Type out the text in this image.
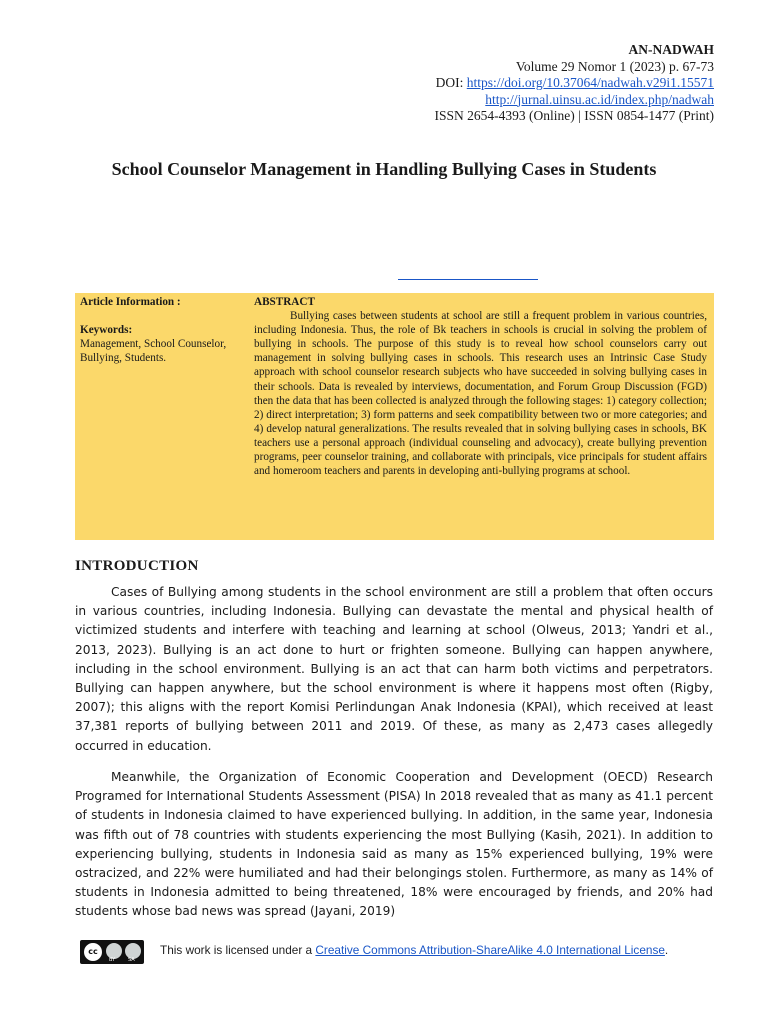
AN-NADWAH
Volume 29 Nomor 1 (2023) p. 67-73
DOI: https://doi.org/10.37064/nadwah.v29i1.15571
http://jurnal.uinsu.ac.id/index.php/nadwah
ISSN 2654-4393 (Online) | ISSN 0854-1477 (Print)
School Counselor Management in Handling Bullying Cases in Students
Article Information :
Keywords:
Management, School Counselor, Bullying, Students.
ABSTRACT

Bullying cases between students at school are still a frequent problem in various countries, including Indonesia. Thus, the role of Bk teachers in schools is crucial in solving the problem of bullying in schools. The purpose of this study is to reveal how school counselors carry out management in solving bullying cases in schools. This research uses an Intrinsic Case Study approach with school counselor research subjects who have succeeded in solving bullying cases in their schools. Data is revealed by interviews, documentation, and Forum Group Discussion (FGD) then the data that has been collected is analyzed through the following stages: 1) category collection; 2) direct interpretation; 3) form patterns and seek compatibility between two or more categories; and 4) develop natural generalizations. The results revealed that in solving bullying cases in schools, BK teachers use a personal approach (individual counseling and advocacy), create bullying prevention programs, peer counselor training, and collaborate with principals, vice principals for student affairs and homeroom teachers and parents in developing anti-bullying programs at school.

INTRODUCTION

Cases of Bullying among students in the school environment are still a problem that often occurs in various countries, including Indonesia. Bullying can devastate the mental and physical health of victimized students and interfere with teaching and learning at school (Olweus, 2013; Yandri et al., 2013, 2023). Bullying is an act done to hurt or frighten someone. Bullying can happen anywhere, including in the school environment. Bullying is an act that can harm both victims and perpetrators. Bullying can happen anywhere, but the school environment is where it happens most often (Rigby, 2007); this aligns with the report Komisi Perlindungan Anak Indonesia (KPAI), which received at least 37,381 reports of bullying between 2011 and 2019. Of these, as many as 2,473 cases allegedly occurred in education.

Meanwhile, the Organization of Economic Cooperation and Development (OECD) Research Programed for International Students Assessment (PISA) In 2018 revealed that as many as 41.1 percent of students in Indonesia claimed to have experienced bullying. In addition, in the same year, Indonesia was fifth out of 78 countries with students experiencing the most Bullying (Kasih, 2021). In addition to experiencing bullying, students in Indonesia said as many as 15% experienced bullying, 19% were ostracized, and 22% were humiliated and had their belongings stolen. Furthermore, as many as 14% of students in Indonesia admitted to being threatened, 18% were encouraged by friends, and 20% had students whose bad news was spread (Jayani, 2019)

cc
BY	SA
This work is licensed under a Creative Commons Attribution-ShareAlike 4.0 International License.
